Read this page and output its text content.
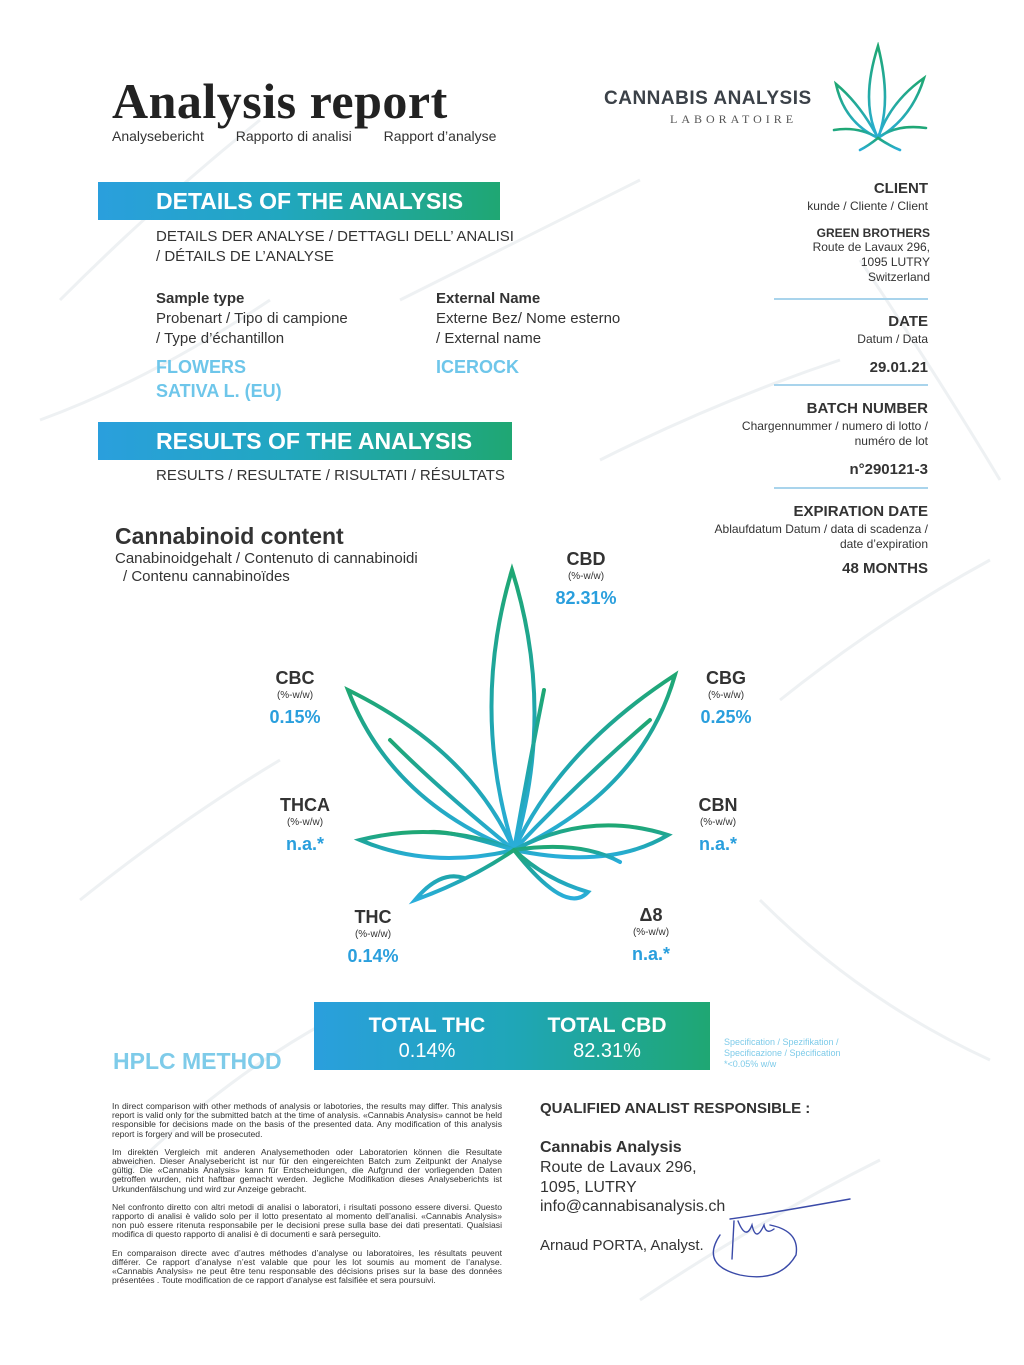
Analysis report
Analysebericht Rapporto di analisi Rapport d’analyse
CANNABIS ANALYSIS
LABORATOIRE
DETAILS OF THE ANALYSIS
DETAILS DER ANALYSE / DETTAGLI DELL’ ANALISI
/ DÉTAILS DE L’ANALYSE
Sample type
Probenart / Tipo di campione
/ Type d’échantillon
FLOWERS
SATIVA L. (EU)
External Name
Externe Bez/ Nome esterno
/ External name
ICEROCK
RESULTS OF THE ANALYSIS
RESULTS / RESULTATE / RISULTATI / RÉSULTATS
CLIENT
kunde / Cliente / Client
GREEN BROTHERS
Route de Lavaux 296,
1095 LUTRY
Switzerland
DATE
Datum / Data
29.01.21
BATCH NUMBER
Chargennummer / numero di lotto /
numéro de lot
n°290121-3
EXPIRATION DATE
Ablaufdatum Datum / data di scadenza /
date d’expiration
48 MONTHS
Cannabinoid content
Canabinoidgehalt / Contenuto di cannabinoidi
/ Contenu cannabinoïdes
CBD
(%-w/w)
82.31%
CBC
(%-w/w)
0.15%
CBG
(%-w/w)
0.25%
THCA
(%-w/w)
n.a.*
CBN
(%-w/w)
n.a.*
THC
(%-w/w)
0.14%
Δ8
(%-w/w)
n.a.*
TOTAL THC
0.14%
TOTAL CBD
82.31%
HPLC METHOD
Specification / Spezifikation /
Specificazione / Spécification
*<0.05% w/w

In direct comparison with other methods of analysis or labotories, the results may differ. This analysis report is valid only for the submitted batch at the time of analysis. «Cannabis Analysis» cannot be held responsible for decisions made on the basis of the presented data. Any modification of this analysis report is forgery and will be prosecuted.

Im direkten Vergleich mit anderen Analysemethoden oder Laboratorien können die Resultate abweichen. Dieser Analysebericht ist nur für den eingereichten Batch zum Zeitpunkt der Analyse gültig. Die «Cannabis Analysis» kann für Entscheidungen, die Aufgrund der vorliegenden Daten getroffen wurden, nicht haftbar gemacht werden. Jegliche Modifikation dieses Analyseberichts ist Urkundenfälschung und wird zur Anzeige gebracht.

Nel confronto diretto con altri metodi di analisi o laboratori, i risultati possono essere diversi. Questo rapporto di analisi è valido solo per il lotto presentato al momento dell’analisi. «Cannabis Analysis» non può essere ritenuta responsabile per le decisioni prese sulla base dei dati presentati. Qualsiasi modifica di questo rapporto di analisi è di documenti e sarà perseguito.

En comparaison directe avec d’autres méthodes d’analyse ou laboratoires, les résultats peuvent différer. Ce rapport d’analyse n’est valable que pour les lot soumis au moment de l’analyse. «Cannabis Analysis» ne peut être tenu responsable des décisions prises sur la base des données présentées . Toute modification de ce rapport d’analyse est falsifiée et sera poursuivi.

QUALIFIED ANALIST RESPONSIBLE :
Cannabis Analysis
Route de Lavaux 296,
1095, LUTRY
info@cannabisanalysis.ch
Arnaud PORTA, Analyst.
